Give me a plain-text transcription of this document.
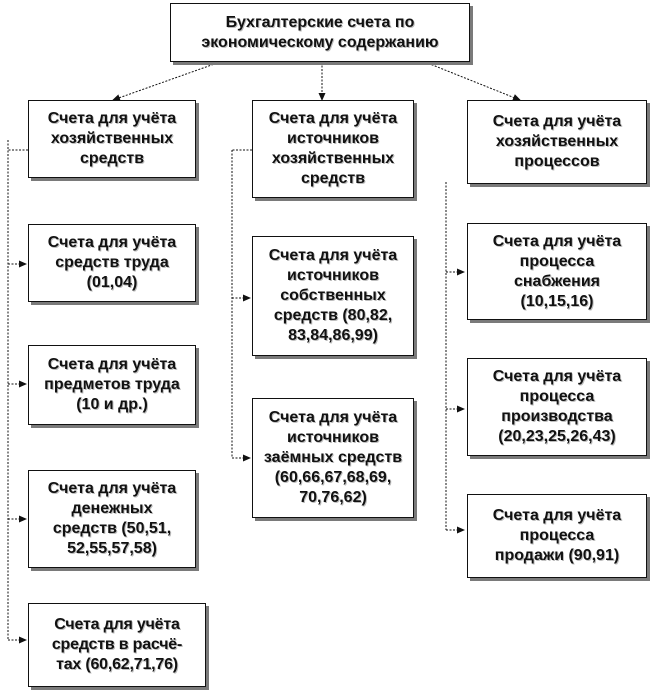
Бухгалтерские счета по
экономическому содержанию
Счета для учёта
хозяйственных
средств
Счета для учёта
средств труда
(01,04)
Счета для учёта
предметов труда
(10 и др.)
Счета для учёта
денежных
средств (50,51,
52,55,57,58)
Счета для учёта
средств в расчё-
тах (60,62,71,76)
Счета для учёта
источников
хозяйственных
средств
Счета для учёта
источников
собственных
средств (80,82,
83,84,86,99)
Счета для учёта
источников
заёмных средств
(60,66,67,68,69,
70,76,62)
Счета для учёта
хозяйственных
процессов
Счета для учёта
процесса
снабжения
(10,15,16)
Счета для учёта
процесса
производства
(20,23,25,26,43)
Счета для учёта
процесса
продажи (90,91)
